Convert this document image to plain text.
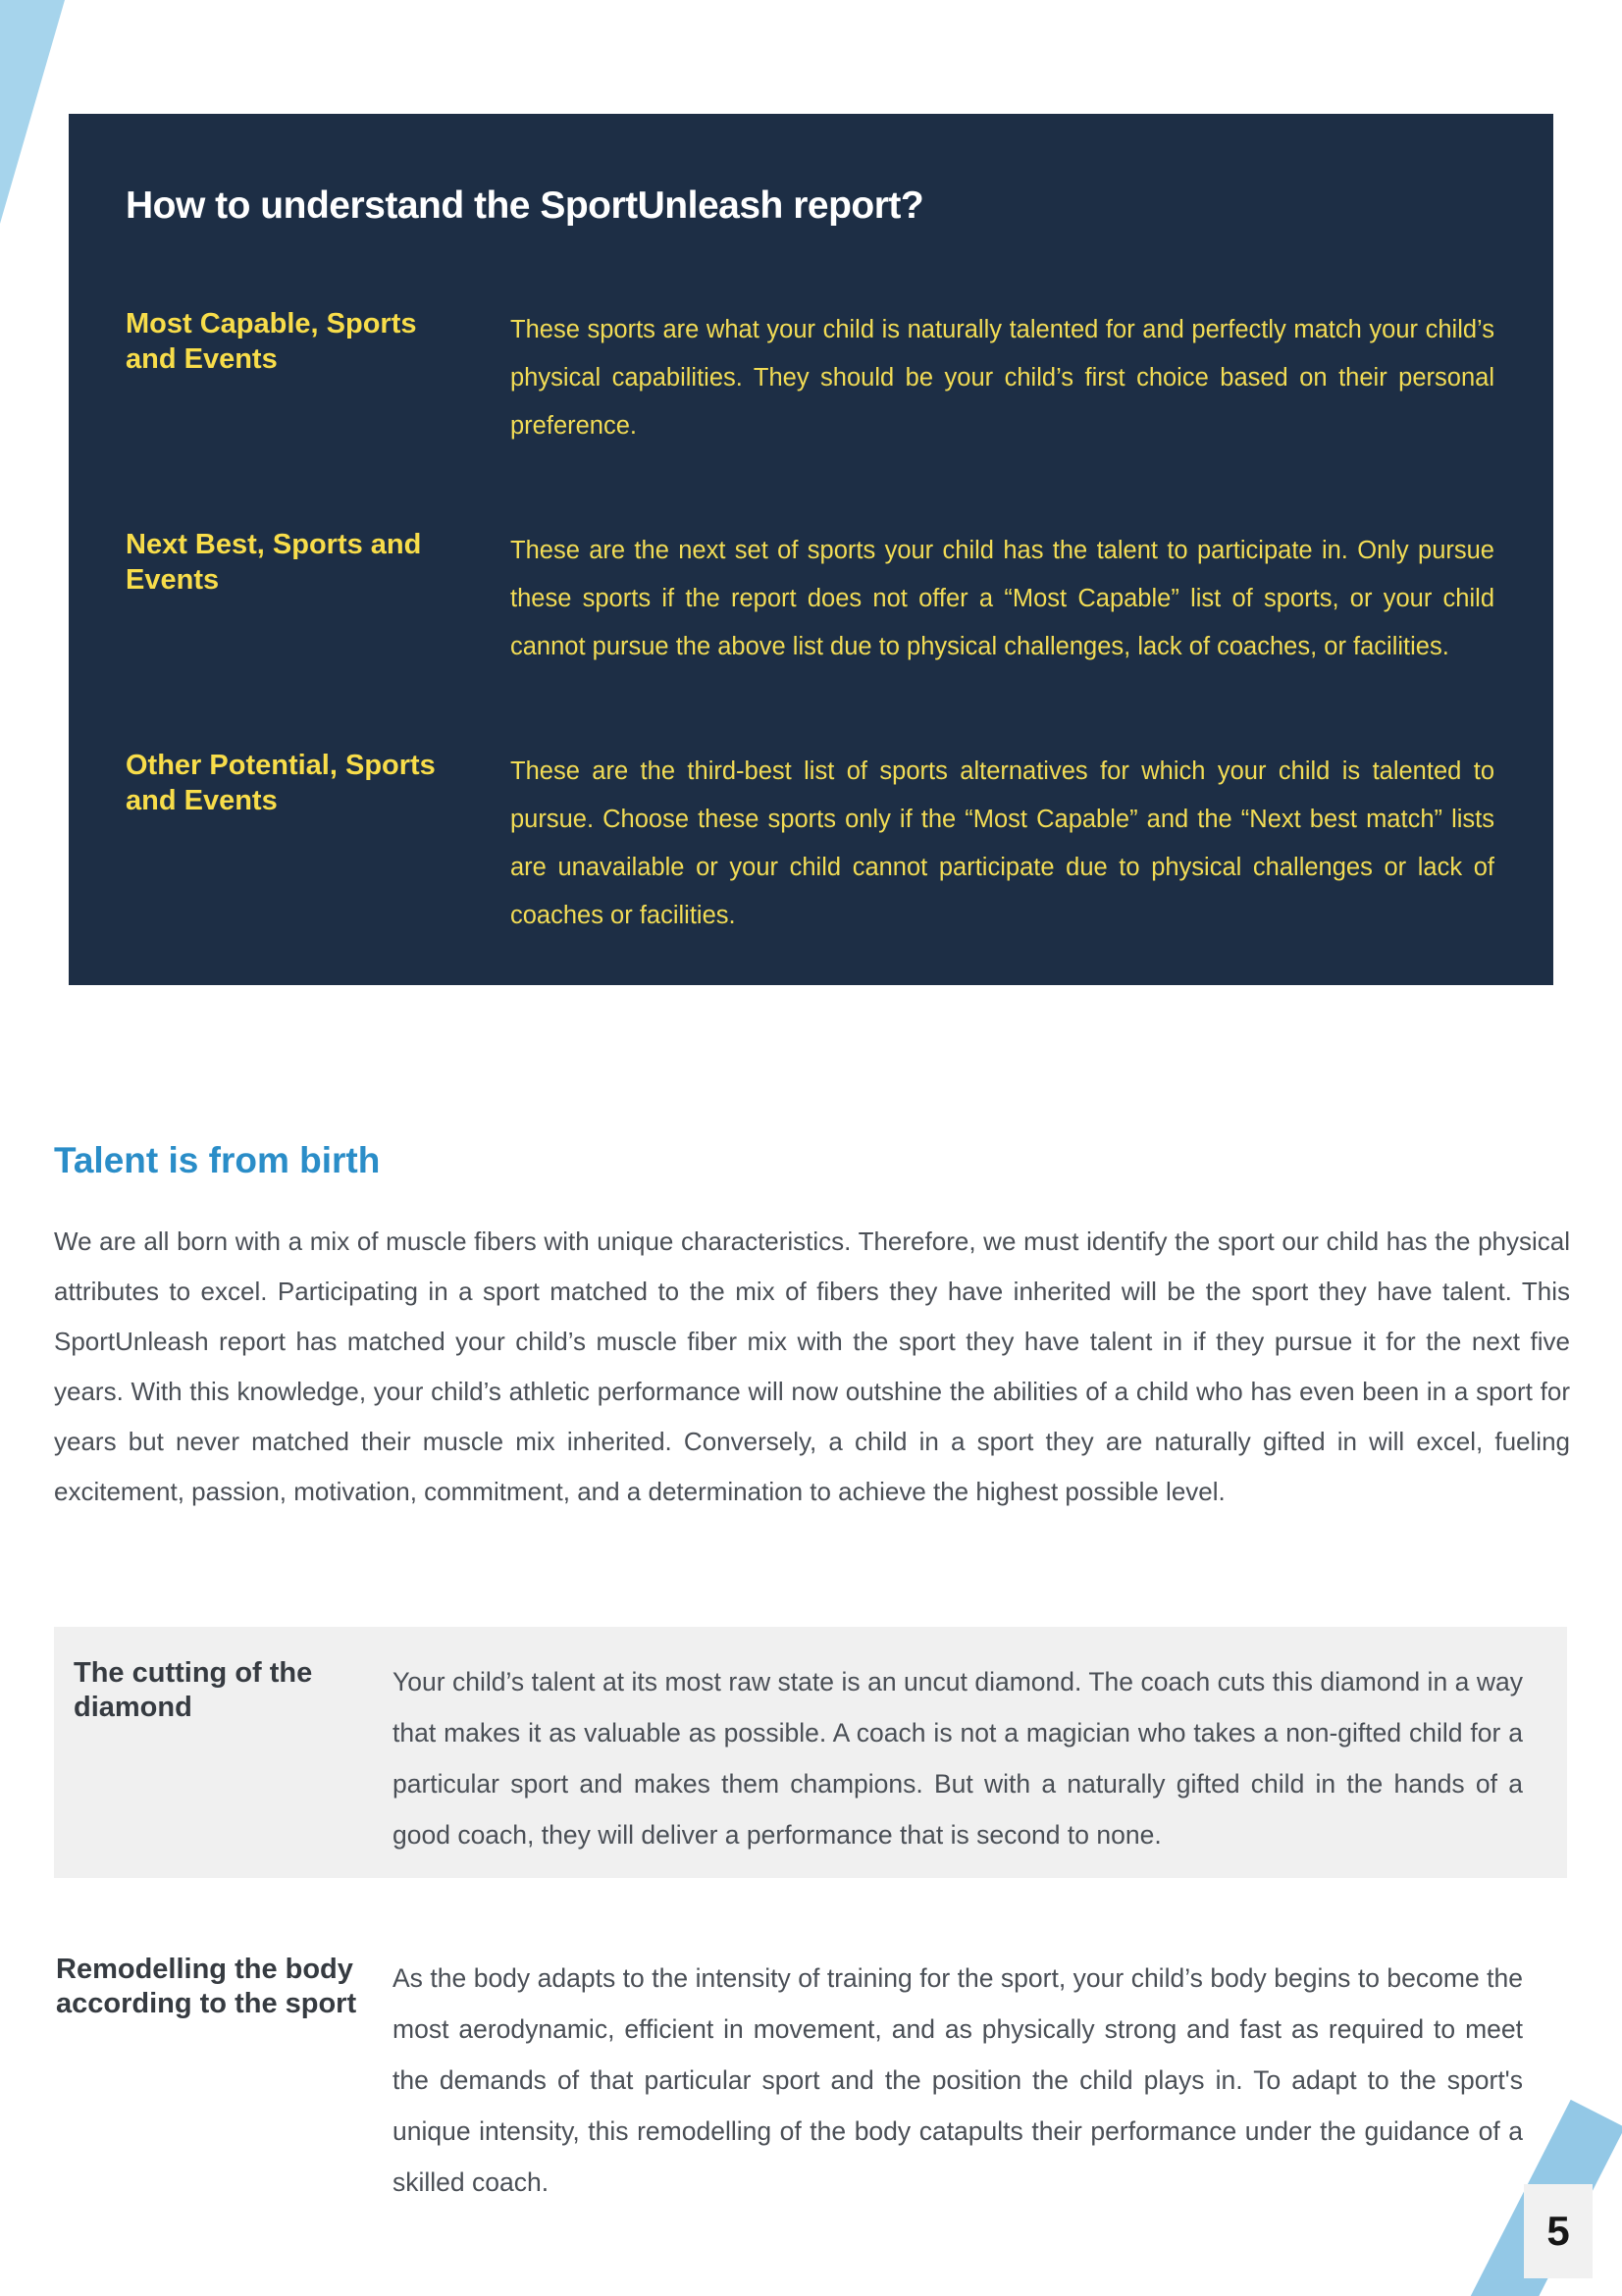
How to understand the SportUnleash report?
Most Capable, Sports and Events
These sports are what your child is naturally talented for and perfectly match your child’s physical capabilities. They should be your child’s first choice based on their personal preference.
Next Best, Sports and Events
These are the next set of sports your child has the talent to participate in. Only pursue these sports if the report does not offer a “Most Capable” list of sports, or your child cannot pursue the above list due to physical challenges, lack of coaches, or facilities.
Other Potential, Sports and Events
These are the third-best list of sports alternatives for which your child is talented to pursue. Choose these sports only if the “Most Capable” and the “Next best match” lists are unavailable or your child cannot participate due to physical challenges or lack of coaches or facilities.
Talent is from birth

We are all born with a mix of muscle fibers with unique characteristics. Therefore, we must identify the sport our child has the physical attributes to excel. Participating in a sport matched to the mix of fibers they have inherited will be the sport they have talent. This SportUnleash report has matched your child’s muscle fiber mix with the sport they have talent in if they pursue it for the next five years. With this knowledge, your child’s athletic performance will now outshine the abilities of a child who has even been in a sport for years but never matched their muscle mix inherited. Conversely, a child in a sport they are naturally gifted in will excel, fueling excitement, passion, motivation, commitment, and a determination to achieve the highest possible level.

The cutting of the diamond
Your child’s talent at its most raw state is an uncut diamond. The coach cuts this diamond in a way that makes it as valuable as possible. A coach is not a magician who takes a non-gifted child for a particular sport and makes them champions. But with a naturally gifted child in the hands of a good coach, they will deliver a performance that is second to none.
Remodelling the body according to the sport
As the body adapts to the intensity of training for the sport, your child’s body begins to become the most aerodynamic, efficient in movement, and as physically strong and fast as required to meet the demands of that particular sport and the position the child plays in. To adapt to the sport's unique intensity, this remodelling of the body catapults their performance under the guidance of a skilled coach.
5
